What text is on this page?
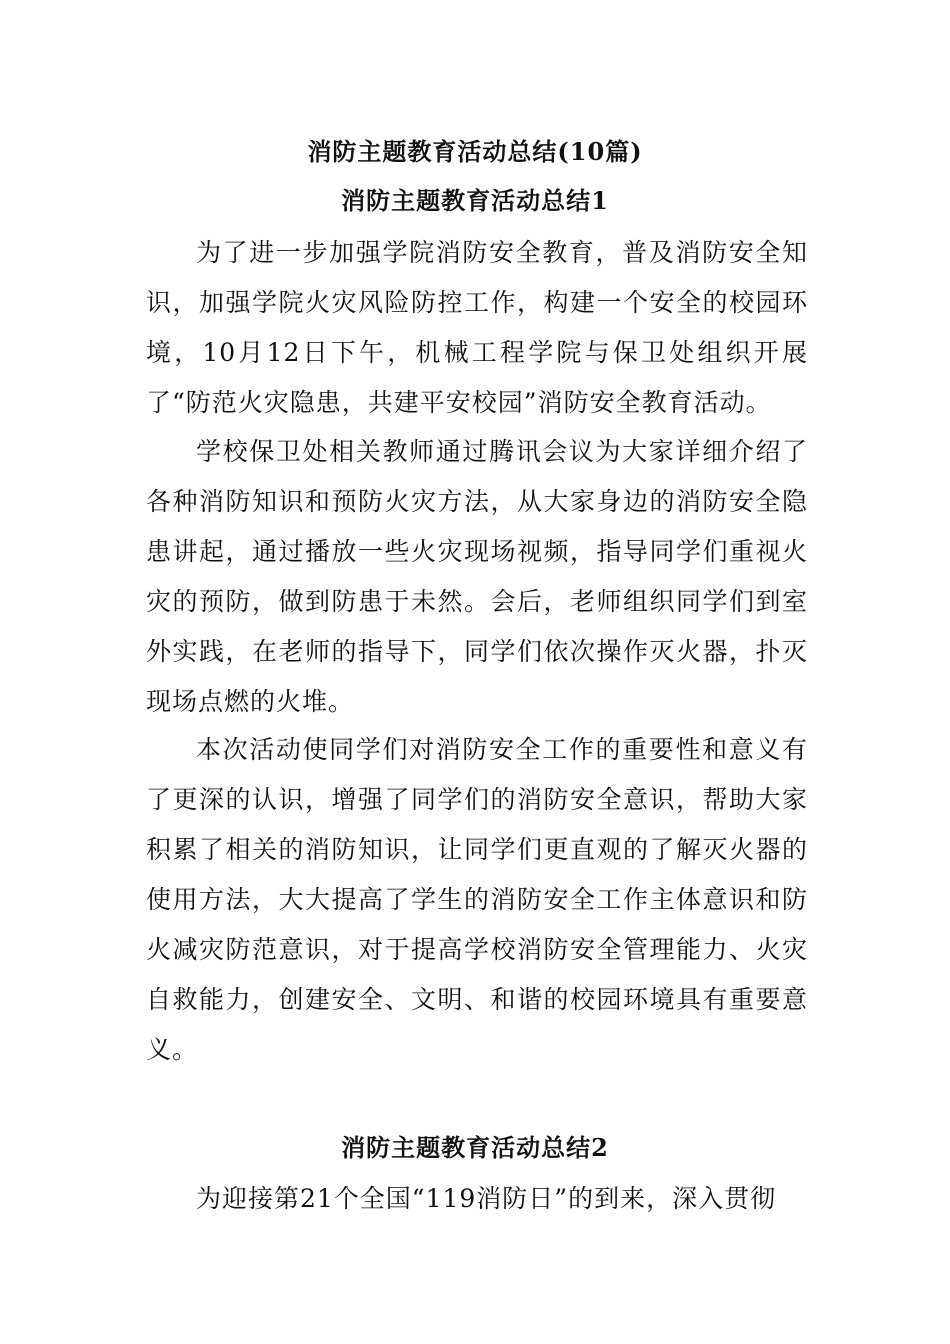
消防主题教育活动总结(10篇)
消防主题教育活动总结1

为了进一步加强学院消防安全教育，普及消防安全知识，加强学院火灾风险防控工作，构建一个安全的校园环境，10月12日下午，机械工程学院与保卫处组织开展了“防范火灾隐患，共建平安校园”消防安全教育活动。

学校保卫处相关教师通过腾讯会议为大家详细介绍了各种消防知识和预防火灾方法，从大家身边的消防安全隐患讲起，通过播放一些火灾现场视频，指导同学们重视火灾的预防，做到防患于未然。会后，老师组织同学们到室外实践，在老师的指导下，同学们依次操作灭火器，扑灭现场点燃的火堆。

本次活动使同学们对消防安全工作的重要性和意义有了更深的认识，增强了同学们的消防安全意识，帮助大家积累了相关的消防知识，让同学们更直观的了解灭火器的使用方法，大大提高了学生的消防安全工作主体意识和防火减灾防范意识，对于提高学校消防安全管理能力、火灾自救能力，创建安全、文明、和谐的校园环境具有重要意义。

消防主题教育活动总结2

为迎接第21个全国“119消防日”的到来，深入贯彻
